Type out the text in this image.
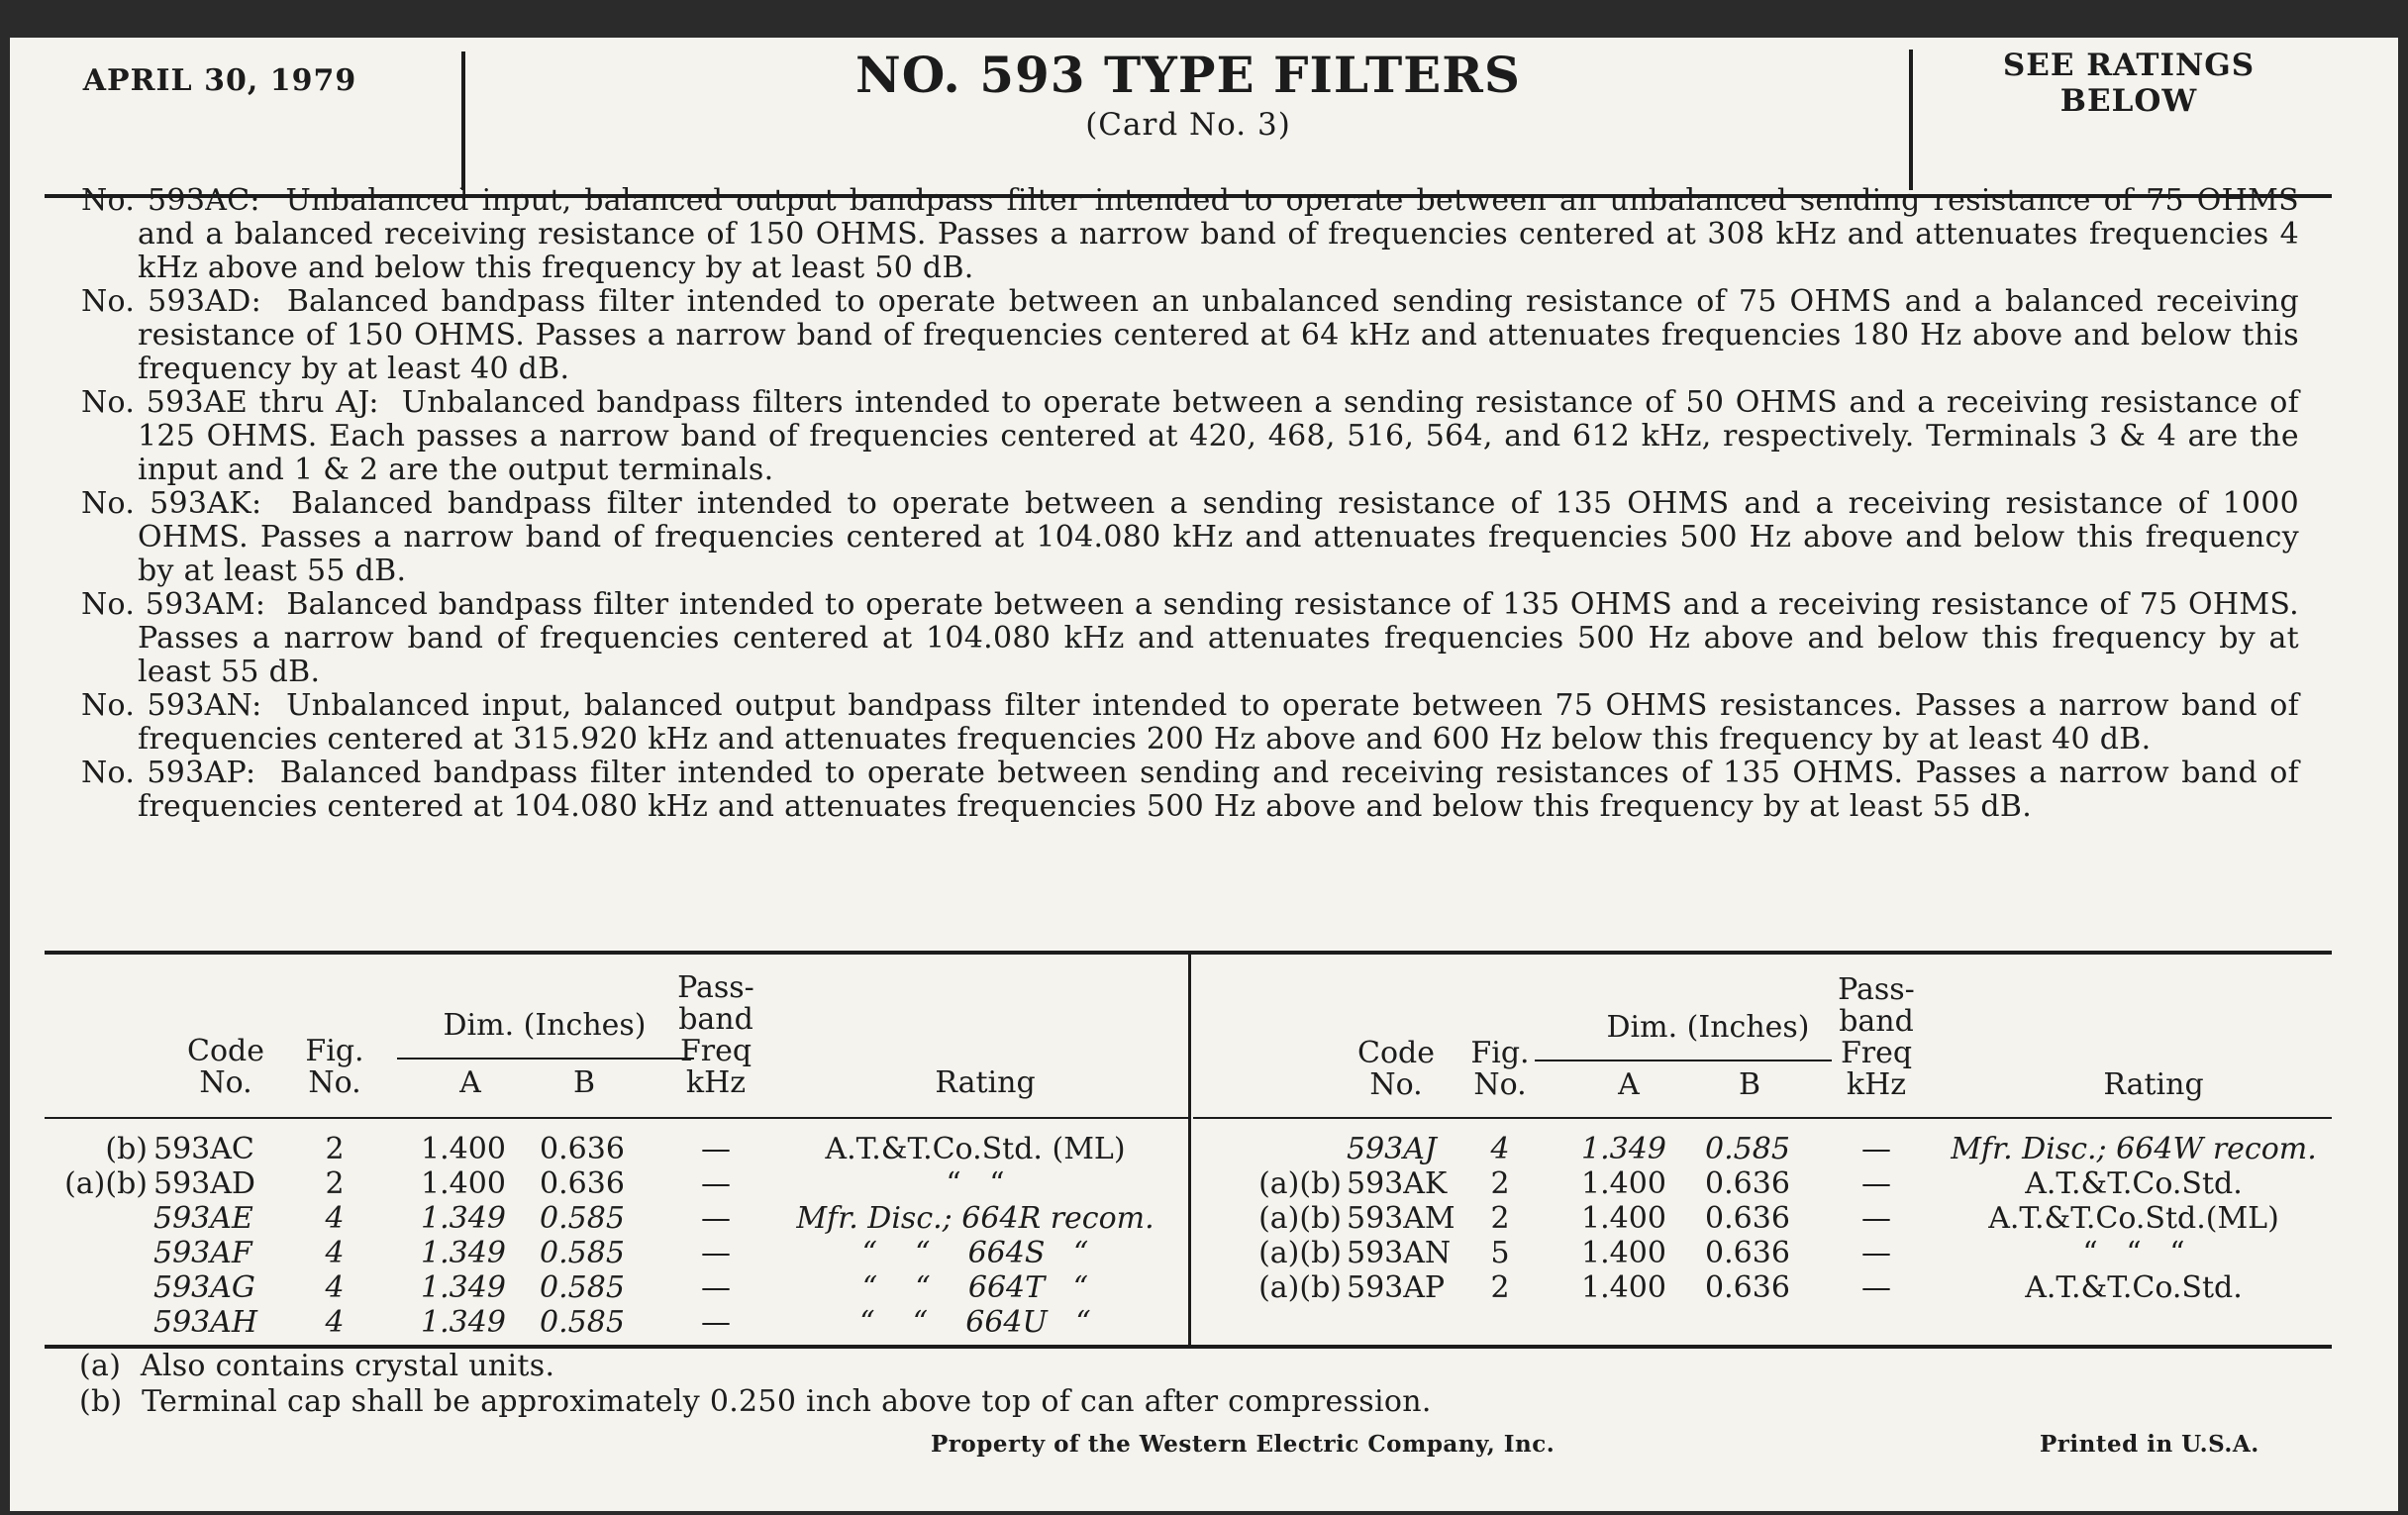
APRIL 30, 1979	NO. 593 TYPE FILTERS
(Card No. 3)
SEE RATINGS
BELOW

No. 593AC: Unbalanced input, balanced output bandpass filter intended to operate between an unbalanced sending resistance of 75 OHMS and a balanced receiving resistance of 150 OHMS. Passes a narrow band of frequencies centered at 308 kHz and attenuates frequencies 4 kHz above and below this frequency by at least 50 dB.

No. 593AD: Balanced bandpass filter intended to operate between an unbalanced sending resistance of 75 OHMS and a balanced receiving resistance of 150 OHMS. Passes a narrow band of frequencies centered at 64 kHz and attenuates frequencies 180 Hz above and below this frequency by at least 40 dB.

No. 593AE thru AJ: Unbalanced bandpass filters intended to operate between a sending resistance of 50 OHMS and a receiving resistance of 125 OHMS. Each passes a narrow band of frequencies centered at 420, 468, 516, 564, and 612 kHz, respectively. Terminals 3 & 4 are the input and 1 & 2 are the output terminals.

No. 593AK: Balanced bandpass filter intended to operate between a sending resistance of 135 OHMS and a receiving resistance of 1000 OHMS. Passes a narrow band of frequencies centered at 104.080 kHz and attenuates frequencies 500 Hz above and below this frequency by at least 55 dB.

No. 593AM: Balanced bandpass filter intended to operate between a sending resistance of 135 OHMS and a receiving resistance of 75 OHMS. Passes a narrow band of frequencies centered at 104.080 kHz and attenuates frequencies 500 Hz above and below this frequency by at least 55 dB.

No. 593AN: Unbalanced input, balanced output bandpass filter intended to operate between 75 OHMS resistances. Passes a narrow band of frequencies centered at 315.920 kHz and attenuates frequencies 200 Hz above and 600 Hz below this frequency by at least 40 dB.

No. 593AP: Balanced bandpass filter intended to operate between sending and receiving resistances of 135 OHMS. Passes a narrow band of frequencies centered at 104.080 kHz and attenuates frequencies 500 Hz above and below this frequency by at least 55 dB.

Code
No.
Fig.
No.
Dim. (Inches)
A	B
Pass-
band
Freq
kHz	Rating
(b) 593AC	2	1.400	0.636	—	A.T.&T.Co.Std. (ML)
(a)(b) 593AD	2	1.400	0.636	—	“   “
593AE	4	1.349	0.585	—	Mfr. Disc.; 664R recom.
593AF	4	1.349	0.585	—	“    “    664S   “
593AG	4	1.349	0.585	—	“    “    664T   “
593AH	4	1.349	0.585	—	“    “    664U   “
Code
No.
Fig.
No.
Dim. (Inches)
A	B
Pass-
band
Freq
kHz	Rating
593AJ	4	1.349	0.585	—	Mfr. Disc.; 664W recom.
(a)(b) 593AK	2	1.400	0.636	—	A.T.&T.Co.Std.
(a)(b) 593AM	2	1.400	0.636	—	A.T.&T.Co.Std.(ML)
(a)(b) 593AN	5	1.400	0.636	—	“   “   “
(a)(b) 593AP	2	1.400	0.636	—	A.T.&T.Co.Std.
(a)  Also contains crystal units.
(b)  Terminal cap shall be approximately 0.250 inch above top of can after compression.
Property of the Western Electric Company, Inc.	Printed in U.S.A.
